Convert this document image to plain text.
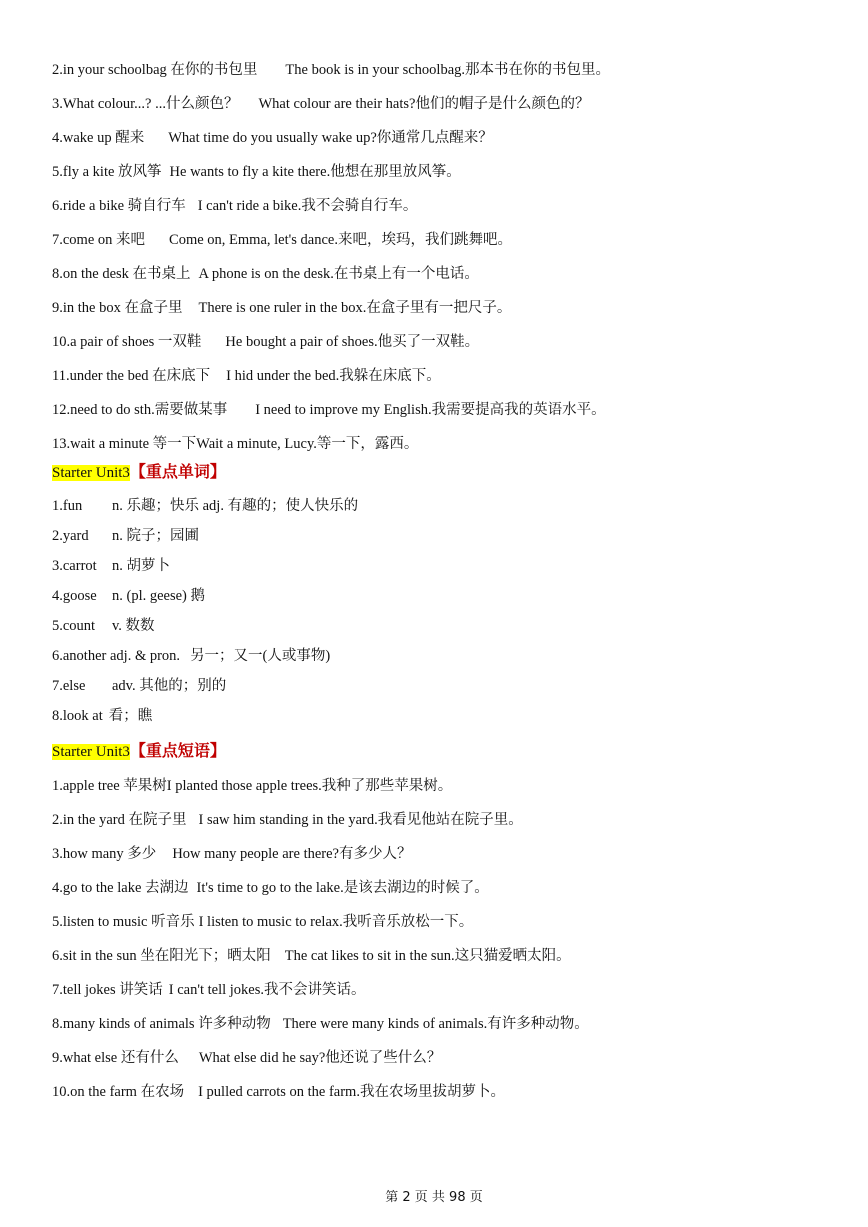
2.in your schoolbag 在你的书包里 The book is in your schoolbag.那本书在你的书包里。
3.What colour...? ...什么颜色？ What colour are their hats?他们的帽子是什么颜色的？
4.wake up 醒来 What time do you usually wake up?你通常几点醒来？
5.fly a kite 放风筝 He wants to fly a kite there.他想在那里放风筝。
6.ride a bike 骑自行车 I can't ride a bike.我不会骑自行车。
7.come on 来吧 Come on, Emma, let's dance.来吧，埃玛，我们跳舞吧。
8.on the desk 在书桌上 A phone is on the desk.在书桌上有一个电话。
9.in the box 在盒子里 There is one ruler in the box.在盒子里有一把尺子。
10.a pair of shoes 一双鞋 He bought a pair of shoes.他买了一双鞋。
11.under the bed 在床底下 I hid under the bed.我躲在床底下。
12.need to do sth.需要做某事 I need to improve my English.我需要提高我的英语水平。
13.wait a minute 等一下Wait a minute, Lucy.等一下，露西。
Starter Unit3【重点单词】
1.fun n. 乐趣；快乐 adj. 有趣的；使人快乐的
2.yard n. 院子；园圃
3.carrot n. 胡萝卜
4.goose n. (pl. geese) 鹅
5.count v. 数数
6.another adj. & pron. 另一；又一(人或事物)
7.else adv. 其他的；别的
8.look at 看；瞧
Starter Unit3【重点短语】
1.apple tree 苹果树I planted those apple trees.我种了那些苹果树。
2.in the yard 在院子里 I saw him standing in the yard.我看见他站在院子里。
3.how many 多少 How many people are there?有多少人？
4.go to the lake 去湖边 It's time to go to the lake.是该去湖边的时候了。
5.listen to music 听音乐 I listen to music to relax.我听音乐放松一下。
6.sit in the sun 坐在阳光下；晒太阳 The cat likes to sit in the sun.这只猫爱晒太阳。
7.tell jokes 讲笑话 I can't tell jokes.我不会讲笑话。
8.many kinds of animals 许多种动物 There were many kinds of animals.有许多种动物。
9.what else 还有什么 What else did he say?他还说了些什么？
10.on the farm 在农场 I pulled carrots on the farm.我在农场里拔胡萝卜。
第 2 页 共 98 页
